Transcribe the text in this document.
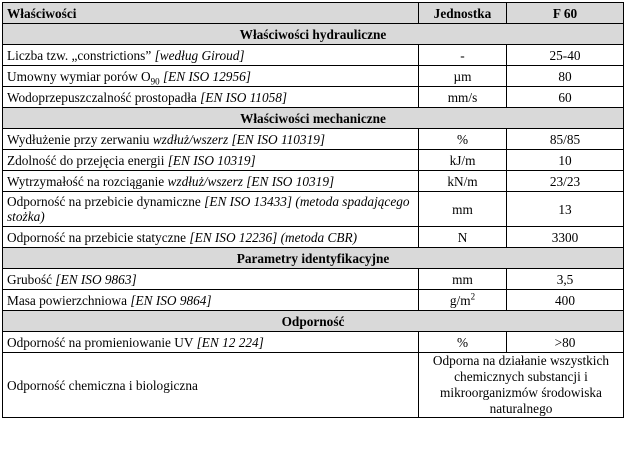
Właściwości	Jednostka	F 60
Właściwości hydrauliczne		
Liczba tzw. „constrictions” [według Giroud]	-	25-40
Umowny wymiar porów $O_{90}$ [EN ISO 12956]	µm	80
Wodoprzepuszczalność prostopadła [EN ISO 11058]	mm/s	60
Właściwości mechaniczne		
Wydłużenie przy zerwaniu wzdłuż/wszerz [EN ISO 110319]	%	85/85
Zdolność do przejęcia energii [EN ISO 10319]	kJ/m	10
Wytrzymałość na rozciąganie wzdłuż/wszerz [EN ISO 10319]	kN/m	23/23
Odporność na przebicie dynamiczne [EN ISO 13433] (metoda spadającego stożka)	mm	13
Odporność na przebicie statyczne [EN ISO 12236] (metoda CBR)	N	3300
Parametry identyfikacyjne		
Grubość [EN ISO 9863]	mm	3,5
Masa powierzchniowa [EN ISO 9864]	$g/m^2$	400
Odporność		
Odporność na promieniowanie UV [EN 12 224]	%	>80
Odporność chemiczna i biologiczna	Odporna na działanie wszystkich chemicznych substancji i mikroorganizmów środowiska naturalnego	
